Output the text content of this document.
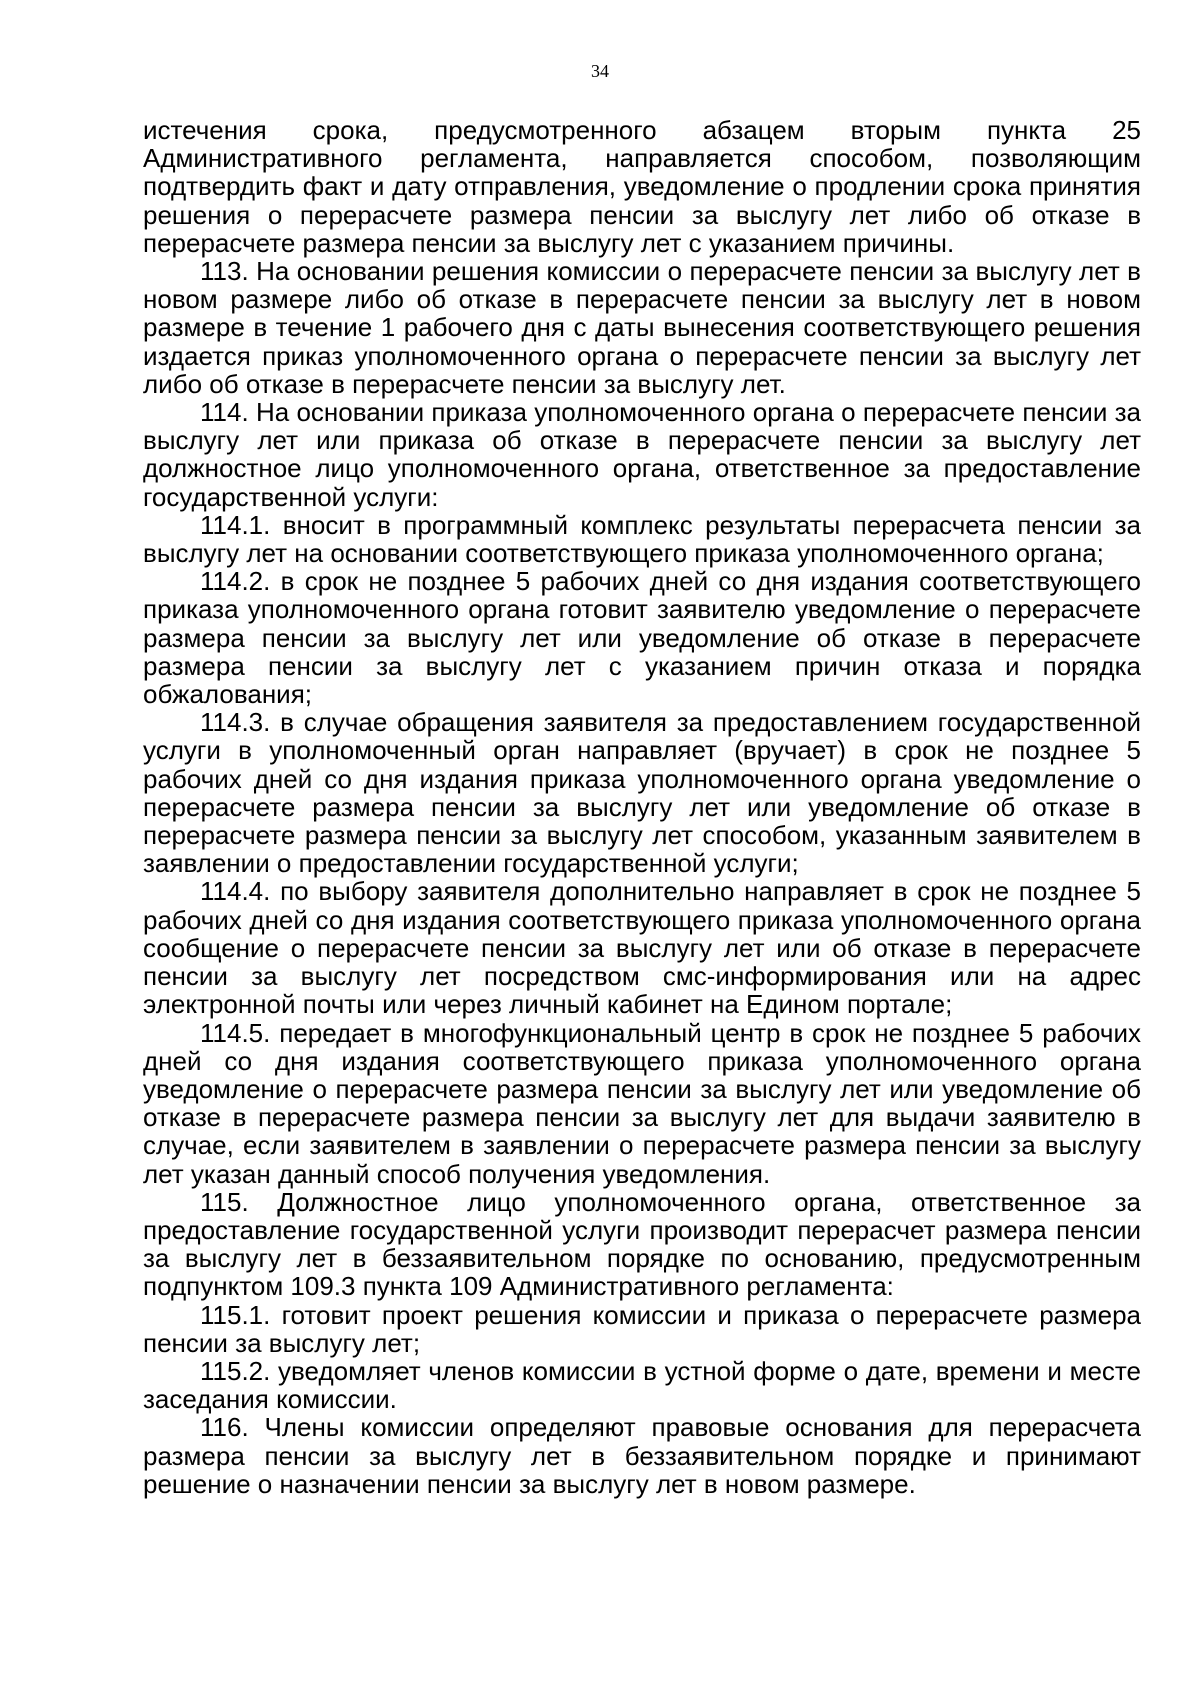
34

истечения срока, предусмотренного абзацем вторым пункта 25 Административного регламента, направляется способом, позволяющим подтвердить факт и дату отправления, уведомление о продлении срока принятия решения о перерасчете размера пенсии за выслугу лет либо об отказе в перерасчете размера пенсии за выслугу лет с указанием причины.

113. На основании решения комиссии о перерасчете пенсии за выслугу лет в новом размере либо об отказе в перерасчете пенсии за выслугу лет в новом размере в течение 1 рабочего дня с даты вынесения соответствующего решения издается приказ уполномоченного органа о перерасчете пенсии за выслугу лет либо об отказе в перерасчете пенсии за выслугу лет.

114. На основании приказа уполномоченного органа о перерасчете пенсии за выслугу лет или приказа об отказе в перерасчете пенсии за выслугу лет должностное лицо уполномоченного органа, ответственное за предоставление государственной услуги:

114.1. вносит в программный комплекс результаты перерасчета пенсии за выслугу лет на основании соответствующего приказа уполномоченного органа;

114.2. в срок не позднее 5 рабочих дней со дня издания соответствующего приказа уполномоченного органа готовит заявителю уведомление о перерасчете размера пенсии за выслугу лет или уведомление об отказе в перерасчете размера пенсии за выслугу лет с указанием причин отказа и порядка обжалования;

114.3. в случае обращения заявителя за предоставлением государственной услуги в уполномоченный орган направляет (вручает) в срок не позднее 5 рабочих дней со дня издания приказа уполномоченного органа уведомление о перерасчете размера пенсии за выслугу лет или уведомление об отказе в перерасчете размера пенсии за выслугу лет способом, указанным заявителем в заявлении о предоставлении государственной услуги;

114.4. по выбору заявителя дополнительно направляет в срок не позднее 5 рабочих дней со дня издания соответствующего приказа уполномоченного органа сообщение о перерасчете пенсии за выслугу лет или об отказе в перерасчете пенсии за выслугу лет посредством смс-информирования или на адрес электронной почты или через личный кабинет на Едином портале;

114.5. передает в многофункциональный центр в срок не позднее 5 рабочих дней со дня издания соответствующего приказа уполномоченного органа уведомление о перерасчете размера пенсии за выслугу лет или уведомление об отказе в перерасчете размера пенсии за выслугу лет для выдачи заявителю в случае, если заявителем в заявлении о перерасчете размера пенсии за выслугу лет указан данный способ получения уведомления.

115. Должностное лицо уполномоченного органа, ответственное за предоставление государственной услуги производит перерасчет размера пенсии за выслугу лет в беззаявительном порядке по основанию, предусмотренным подпунктом 109.3 пункта 109 Административного регламента:

115.1. готовит проект решения комиссии и приказа о перерасчете размера пенсии за выслугу лет;

115.2. уведомляет членов комиссии в устной форме о дате, времени и месте заседания комиссии.

116. Члены комиссии определяют правовые основания для перерасчета размера пенсии за выслугу лет в беззаявительном порядке и принимают решение о назначении пенсии за выслугу лет в новом размере.
